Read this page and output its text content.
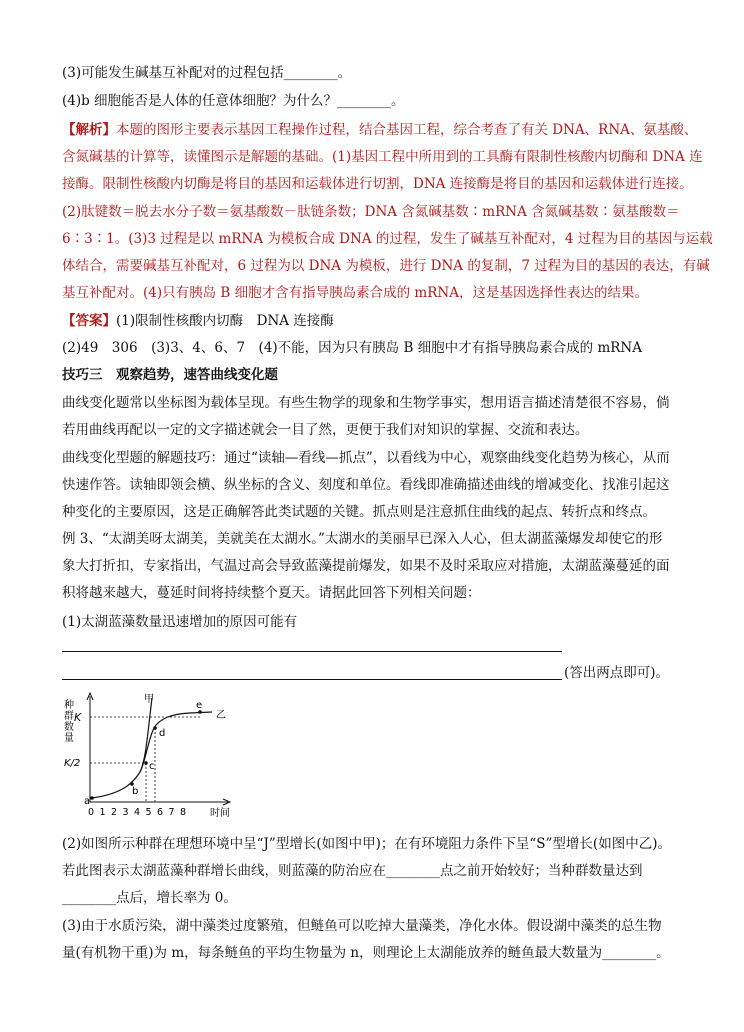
(3)可能发生碱基互补配对的过程包括________。
(4)b 细胞能否是人体的任意体细胞？为什么？________。
【解析】本题的图形主要表示基因工程操作过程，结合基因工程，综合考查了有关 DNA、RNA、氨基酸、
含氮碱基的计算等，读懂图示是解题的基础。(1)基因工程中所用到的工具酶有限制性核酸内切酶和 DNA 连
接酶。限制性核酸内切酶是将目的基因和运载体进行切割，DNA 连接酶是将目的基因和运载体进行连接。
(2)肽键数＝脱去水分子数＝氨基酸数－肽链条数；DNA 含氮碱基数∶mRNA 含氮碱基数∶氨基酸数＝
6∶3∶1。(3)3 过程是以 mRNA 为模板合成 DNA 的过程，发生了碱基互补配对，4 过程为目的基因与运载
体结合，需要碱基互补配对，6 过程为以 DNA 为模板，进行 DNA 的复制，7 过程为目的基因的表达，有碱
基互补配对。(4)只有胰岛 B 细胞才含有指导胰岛素合成的 mRNA，这是基因选择性表达的结果。
【答案】(1)限制性核酸内切酶　DNA 连接酶
(2)49　306　(3)3、4、6、7　(4)不能，因为只有胰岛 B 细胞中才有指导胰岛素合成的 mRNA
技巧三　观察趋势，速答曲线变化题
曲线变化题常以坐标图为载体呈现。有些生物学的现象和生物学事实，想用语言描述清楚很不容易，倘
若用曲线再配以一定的文字描述就会一目了然，更便于我们对知识的掌握、交流和表达。
曲线变化型题的解题技巧：通过“读轴—看线—抓点”，以看线为中心，观察曲线变化趋势为核心，从而
快速作答。读轴即领会横、纵坐标的含义、刻度和单位。看线即准确描述曲线的增减变化、找准引起这
种变化的主要原因，这是正确解答此类试题的关键。抓点则是注意抓住曲线的起点、转折点和终点。
例 3、“太湖美呀太湖美，美就美在太湖水。”太湖水的美丽早已深入人心，但太湖蓝藻爆发却使它的形
象大打折扣，专家指出，气温过高会导致蓝藻提前爆发，如果不及时采取应对措施，太湖蓝藻蔓延的面
积将越来越大，蔓延时间将持续整个夏天。请据此回答下列相关问题：
(1)太湖蓝藻数量迅速增加的原因可能有
(答出两点即可)。
种群数量
K
K/2
a
b
c
d
e
甲
乙
0 1 2 3 4 5 6 7 8 时间
(2)如图所示种群在理想环境中呈“J”型增长(如图中甲)；在有环境阻力条件下呈“S”型增长(如图中乙)。
若此图表示太湖蓝藻种群增长曲线，则蓝藻的防治应在________点之前开始较好；当种群数量达到
________点后，增长率为 0。
(3)由于水质污染，湖中藻类过度繁殖，但鲢鱼可以吃掉大量藻类，净化水体。假设湖中藻类的总生物
量(有机物干重)为 m，每条鲢鱼的平均生物量为 n，则理论上太湖能放养的鲢鱼最大数量为________。
